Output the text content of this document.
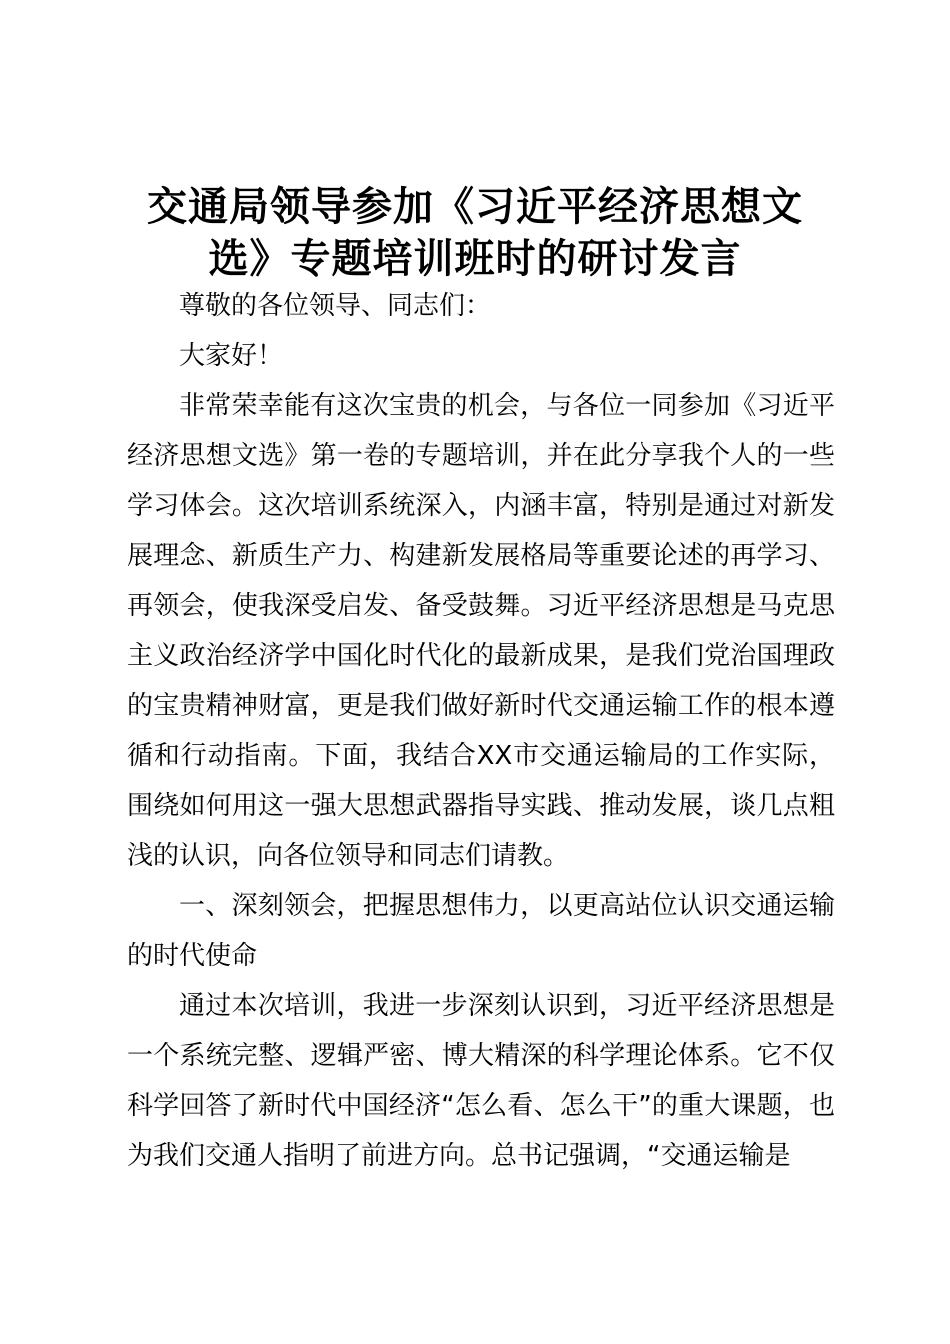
交通局领导参加《习近平经济思想文
选》专题培训班时的研讨发言

尊敬的各位领导、同志们：

大家好！

非常荣幸能有这次宝贵的机会，与各位一同参加《习近平经济思想文选》第一卷的专题培训，并在此分享我个人的一些学习体会。这次培训系统深入，内涵丰富，特别是通过对新发展理念、新质生产力、构建新发展格局等重要论述的再学习、再领会，使我深受启发、备受鼓舞。习近平经济思想是马克思主义政治经济学中国化时代化的最新成果，是我们党治国理政的宝贵精神财富，更是我们做好新时代交通运输工作的根本遵循和行动指南。下面，我结合XX市交通运输局的工作实际，围绕如何用这一强大思想武器指导实践、推动发展，谈几点粗浅的认识，向各位领导和同志们请教。

一、深刻领会，把握思想伟力，以更高站位认识交通运输的时代使命

通过本次培训，我进一步深刻认识到，习近平经济思想是一个系统完整、逻辑严密、博大精深的科学理论体系。它不仅科学回答了新时代中国经济“怎么看、怎么干”的重大课题，也为我们交通人指明了前进方向。总书记强调，“交通运输是
